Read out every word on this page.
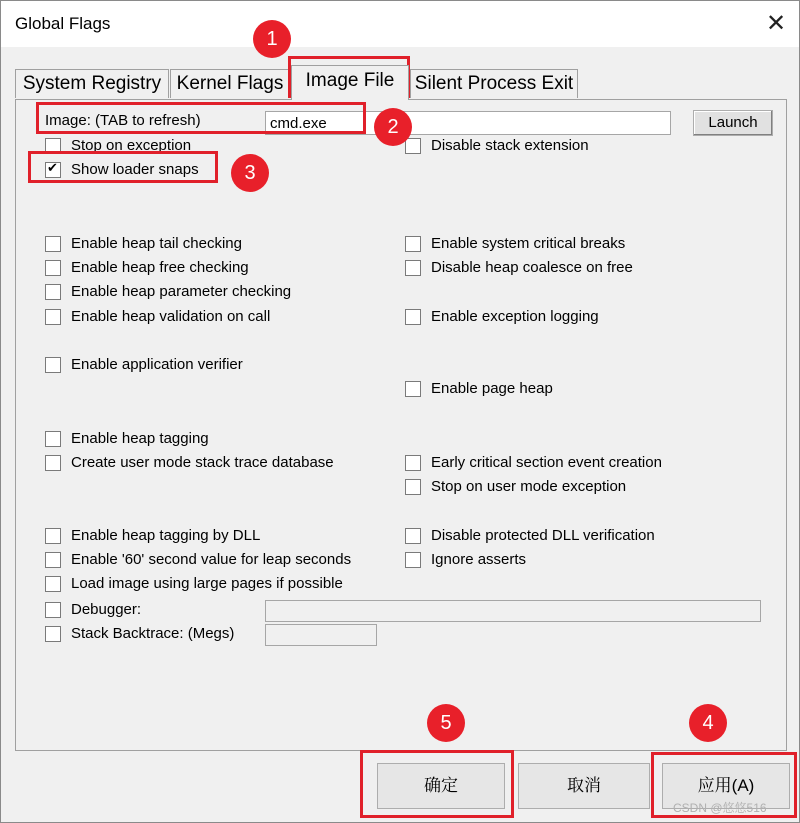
Global Flags	✕
System Registry Kernel Flags	Image File	Silent Process Exit
Image: (TAB to refresh)
cmd.exe	Launch
Stop on exception	Disable stack extension
✔
Show loader snaps
Enable heap tail checking	Enable system critical breaks
Enable heap free checking	Disable heap coalesce on free
Enable heap parameter checking
Enable heap validation on call	Enable exception logging
Enable application verifier
Enable page heap
Enable heap tagging
Create user mode stack trace database	Early critical section event creation
Stop on user mode exception
Enable heap tagging by DLL	Disable protected DLL verification
Enable '60' second value for leap seconds	Ignore asserts
Load image using large pages if possible
Debugger:
Stack Backtrace: (Megs)
确定	取消	应用(A)
CSDN @悠悠516
1
2
3
4
5
